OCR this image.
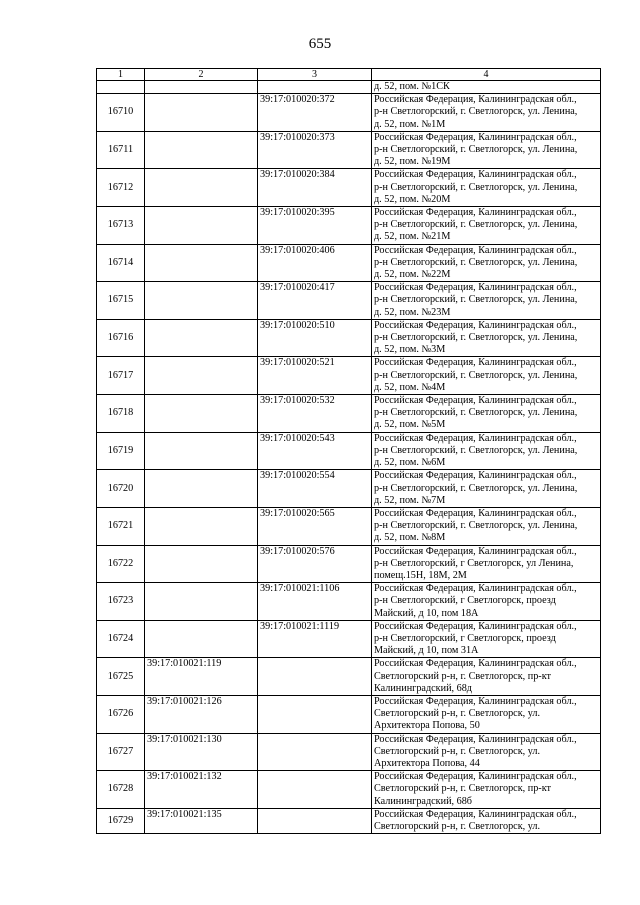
655
1	2	3	4
			д. 52, пом. №1СК
16710		39:17:010020:372	Российская Федерация, Калининградская обл.,
р-н Светлогорский, г. Светлогорск, ул. Ленина,
д. 52, пом. №1М
16711		39:17:010020:373	Российская Федерация, Калининградская обл.,
р-н Светлогорский, г. Светлогорск, ул. Ленина,
д. 52, пом. №19М
16712		39:17:010020:384	Российская Федерация, Калининградская обл.,
р-н Светлогорский, г. Светлогорск, ул. Ленина,
д. 52, пом. №20М
16713		39:17:010020:395	Российская Федерация, Калининградская обл.,
р-н Светлогорский, г. Светлогорск, ул. Ленина,
д. 52, пом. №21М
16714		39:17:010020:406	Российская Федерация, Калининградская обл.,
р-н Светлогорский, г. Светлогорск, ул. Ленина,
д. 52, пом. №22М
16715		39:17:010020:417	Российская Федерация, Калининградская обл.,
р-н Светлогорский, г. Светлогорск, ул. Ленина,
д. 52, пом. №23М
16716		39:17:010020:510	Российская Федерация, Калининградская обл.,
р-н Светлогорский, г. Светлогорск, ул. Ленина,
д. 52, пом. №3М
16717		39:17:010020:521	Российская Федерация, Калининградская обл.,
р-н Светлогорский, г. Светлогорск, ул. Ленина,
д. 52, пом. №4М
16718		39:17:010020:532	Российская Федерация, Калининградская обл.,
р-н Светлогорский, г. Светлогорск, ул. Ленина,
д. 52, пом. №5М
16719		39:17:010020:543	Российская Федерация, Калининградская обл.,
р-н Светлогорский, г. Светлогорск, ул. Ленина,
д. 52, пом. №6М
16720		39:17:010020:554	Российская Федерация, Калининградская обл.,
р-н Светлогорский, г. Светлогорск, ул. Ленина,
д. 52, пом. №7М
16721		39:17:010020:565	Российская Федерация, Калининградская обл.,
р-н Светлогорский, г. Светлогорск, ул. Ленина,
д. 52, пом. №8М
16722		39:17:010020:576	Российская Федерация, Калининградская обл.,
р-н Светлогорский, г Светлогорск, ул Ленина,
помещ.15Н, 18М, 2М
16723		39:17:010021:1106	Российская Федерация, Калининградская обл.,
р-н Светлогорский, г Светлогорск, проезд
Майский, д 10, пом 18А
16724		39:17:010021:1119	Российская Федерация, Калининградская обл.,
р-н Светлогорский, г Светлогорск, проезд
Майский, д 10, пом 31А
16725	39:17:010021:119		Российская Федерация, Калининградская обл.,
Светлогорский р-н, г. Светлогорск, пр-кт
Калининградский, 68д
16726	39:17:010021:126		Российская Федерация, Калининградская обл.,
Светлогорский р-н, г. Светлогорск, ул.
Архитектора Попова, 50
16727	39:17:010021:130		Российская Федерация, Калининградская обл.,
Светлогорский р-н, г. Светлогорск, ул.
Архитектора Попова, 44
16728	39:17:010021:132		Российская Федерация, Калининградская обл.,
Светлогорский р-н, г. Светлогорск, пр-кт
Калининградский, 68б
16729	39:17:010021:135		Российская Федерация, Калининградская обл.,
Светлогорский р-н, г. Светлогорск, ул.
